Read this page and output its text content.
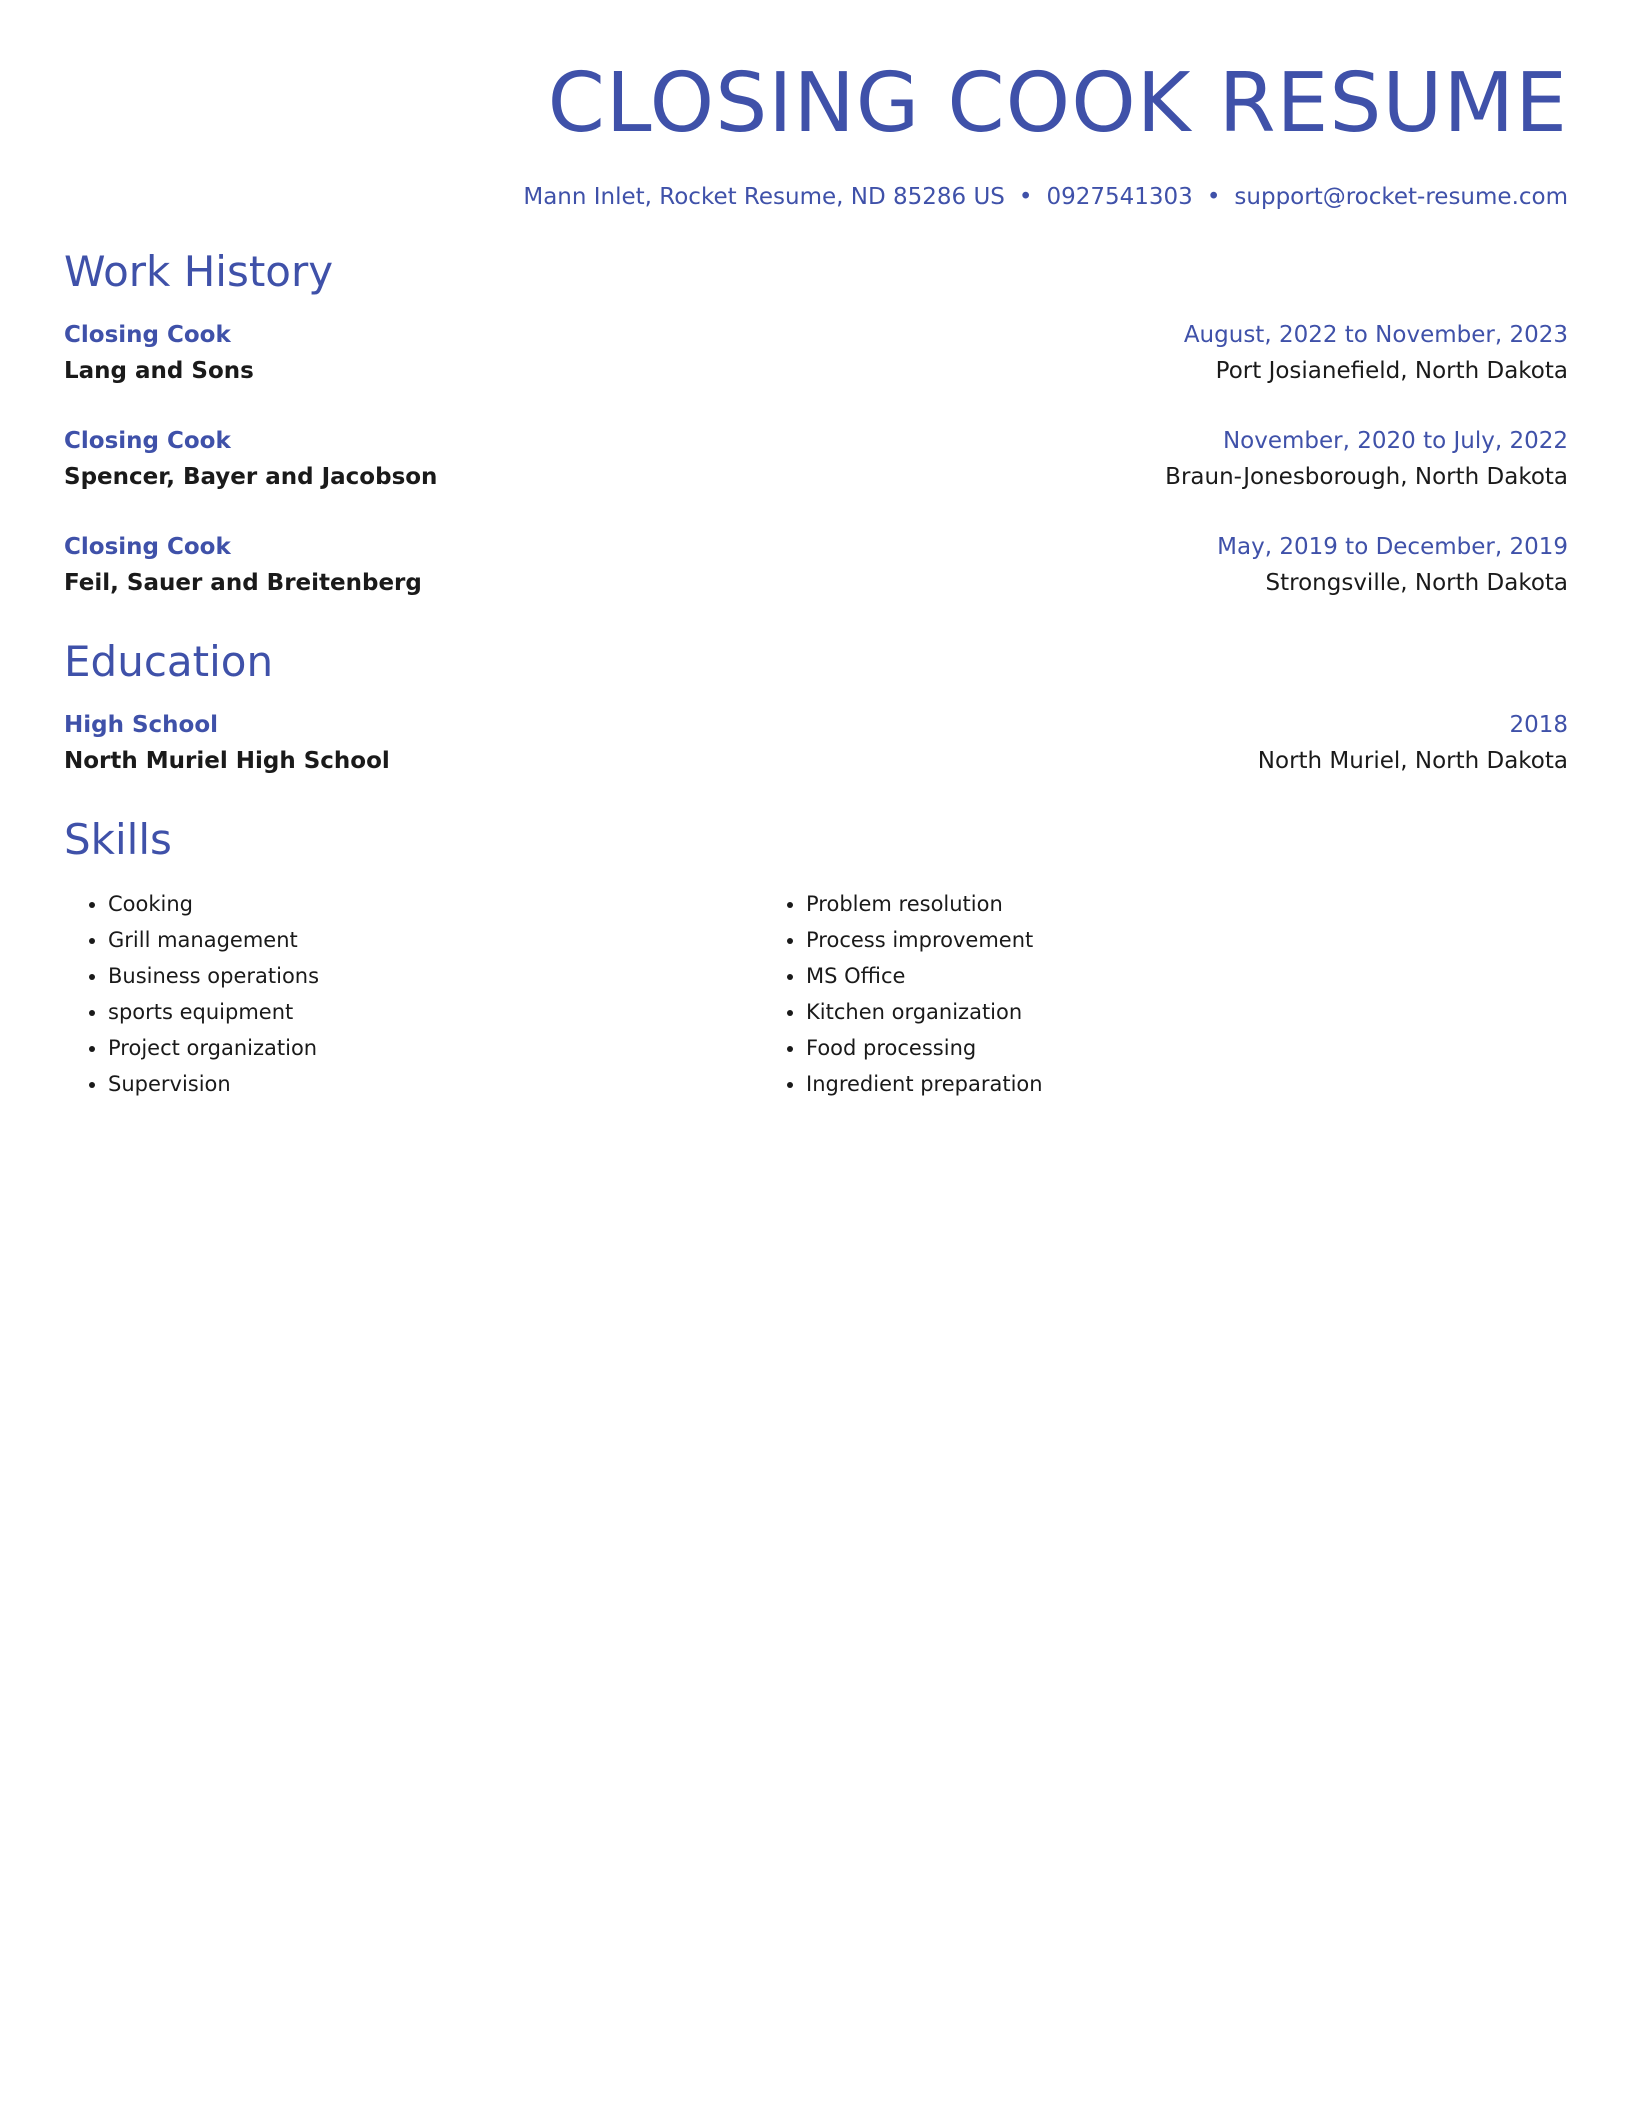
CLOSING COOK RESUME
Mann Inlet, Rocket Resume, ND 85286 US • 0927541303 • support@rocket-resume.com
Work History
Closing Cook	August, 2022 to November, 2023
Lang and Sons	Port Josianefield, North Dakota
Closing Cook	November, 2020 to July, 2022
Spencer, Bayer and Jacobson	Braun-Jonesborough, North Dakota
Closing Cook	May, 2019 to December, 2019
Feil, Sauer and Breitenberg	Strongsville, North Dakota
Education
High School	2018
North Muriel High School	North Muriel, North Dakota
Skills
• Cooking
• Grill management
• Business operations
• sports equipment
• Project organization
• Supervision
• Problem resolution
• Process improvement
• MS Office
• Kitchen organization
• Food processing
• Ingredient preparation
